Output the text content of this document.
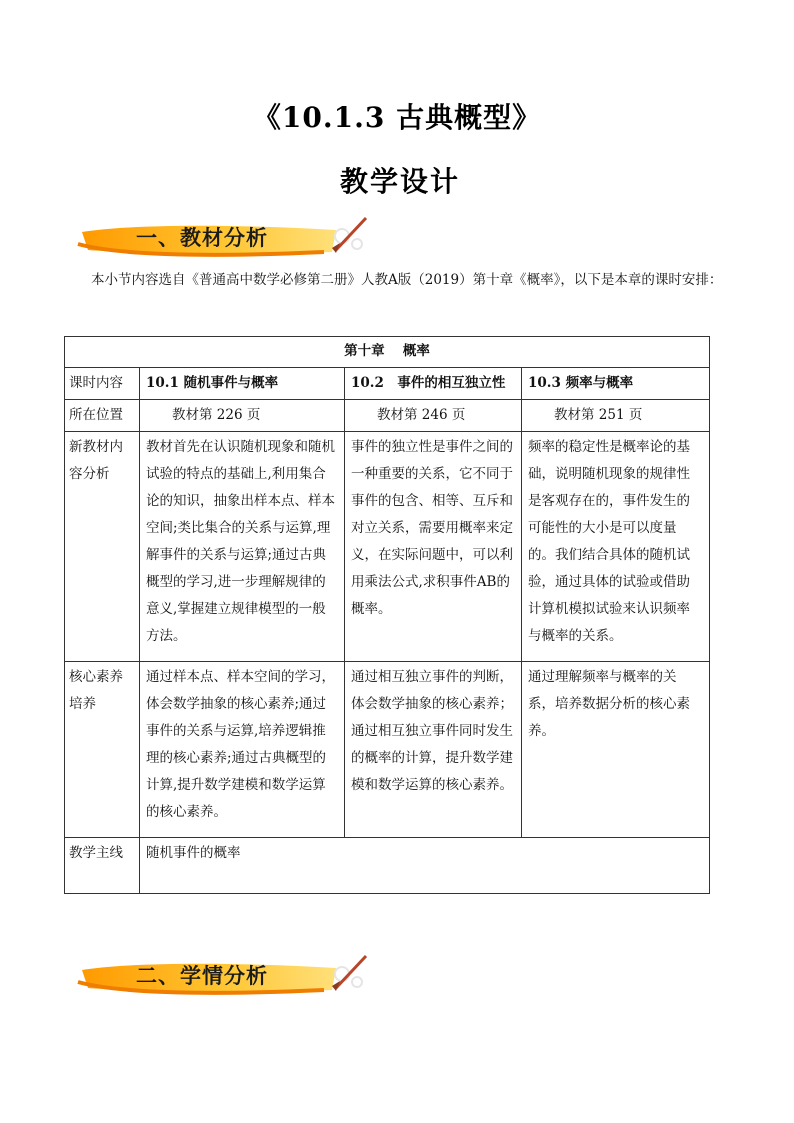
《10.1.3 古典概型》
教学设计
一、教材分析
本小节内容选自《普通高中数学必修第二册》人教A版（2019）第十章《概率》，以下是本章的课时安排：
第十章　 概率			
课时内容	10.1 随机事件与概率	10.2　事件的相互独立性	10.3 频率与概率
所在位置	教材第 226 页	教材第 246 页	教材第 251 页
新教材内容分析	教材首先在认识随机现象和随机试验的特点的基础上,利用集合论的知识，抽象出样本点、样本空间;类比集合的关系与运算,理解事件的关系与运算;通过古典概型的学习,进一步理解规律的意义,掌握建立规律模型的一般方法。	事件的独立性是事件之间的一种重要的关系，它不同于事件的包含、相等、互斥和对立关系，需要用概率来定义，在实际问题中，可以利用乘法公式,求积事件AB的概率。	频率的稳定性是概率论的基础，说明随机现象的规律性是客观存在的，事件发生的可能性的大小是可以度量的。我们结合具体的随机试验，通过具体的试验或借助计算机模拟试验来认识频率与概率的关系。
核心素养培养	通过样本点、样本空间的学习，体会数学抽象的核心素养;通过事件的关系与运算,培养逻辑推理的核心素养;通过古典概型的计算,提升数学建模和数学运算的核心素养。	通过相互独立事件的判断，体会数学抽象的核心素养；通过相互独立事件同时发生的概率的计算，提升数学建模和数学运算的核心素养。	通过理解频率与概率的关系，培养数据分析的核心素养。
教学主线	随机事件的概率		
二、学情分析
